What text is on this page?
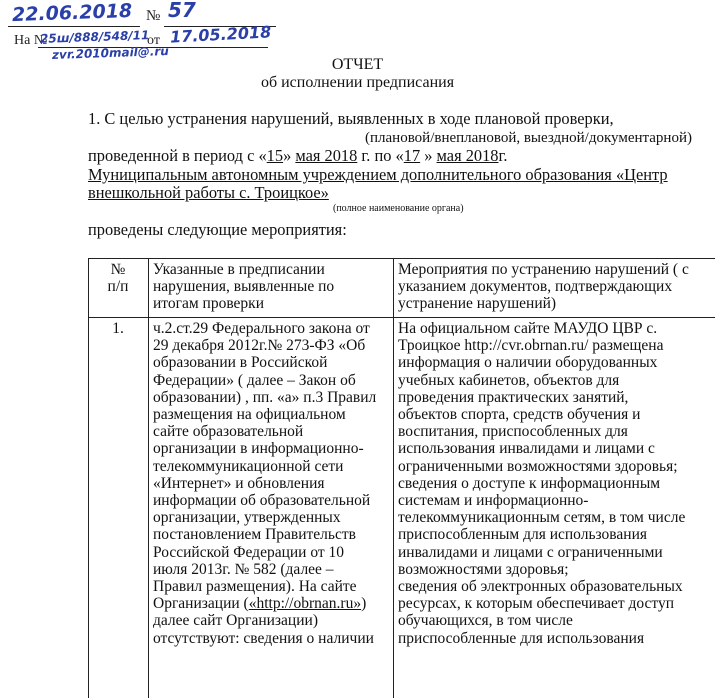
22.06.2018 № 57
На №
25ш/888/548/11
от 17.05.2018
zvr.2010mail@.ru
ОТЧЕТ
об исполнении предписания
1. С целью устранения нарушений, выявленных в ходе плановой проверки,
(плановой/внеплановой, выездной/документарной)
проведенной в период с «15» мая 2018 г. по «17 » мая 2018г.
Муниципальным автономным учреждением дополнительного образования «Центр
внешкольной работы с. Троицкое»
(полное наименование органа)
проведены следующие мероприятия:
№
п/п
Указанные в предписании
нарушения, выявленные по
итогам проверки
Мероприятия по устранению нарушений ( с
указанием документов, подтверждающих
устранение нарушений)
1.	ч.2.ст.29 Федерального закона от
29 декабря 2012г.№ 273-ФЗ «Об
образовании в Российской
Федерации» ( далее – Закон об
образовании) , пп. «а» п.3 Правил
размещения на официальном
сайте образовательной
организации в информационно-
телекоммуникационной сети
«Интернет» и обновления
информации об образовательной
организации, утвержденных
постановлением Правительств
Российской Федерации от 10
июля 2013г. № 582 (далее –
Правил размещения). На сайте
Организации («http://obrnan.ru»)
далее сайт Организации)
отсутствуют: сведения о наличии
На официальном сайте МАУДО ЦВР с.
Троицкое http://cvr.obrnan.ru/ размещена
информация о наличии оборудованных
учебных кабинетов, объектов для
проведения практических занятий,
объектов спорта, средств обучения и
воспитания, приспособленных для
использования инвалидами и лицами с
ограниченными возможностями здоровья;
сведения о доступе к информационным
системам и информационно-
телекоммуникационным сетям, в том числе
приспособленным для использования
инвалидами и лицами с ограниченными
возможностями здоровья;
сведения об электронных образовательных
ресурсах, к которым обеспечивает доступ
обучающихся, в том числе
приспособленные для использования
